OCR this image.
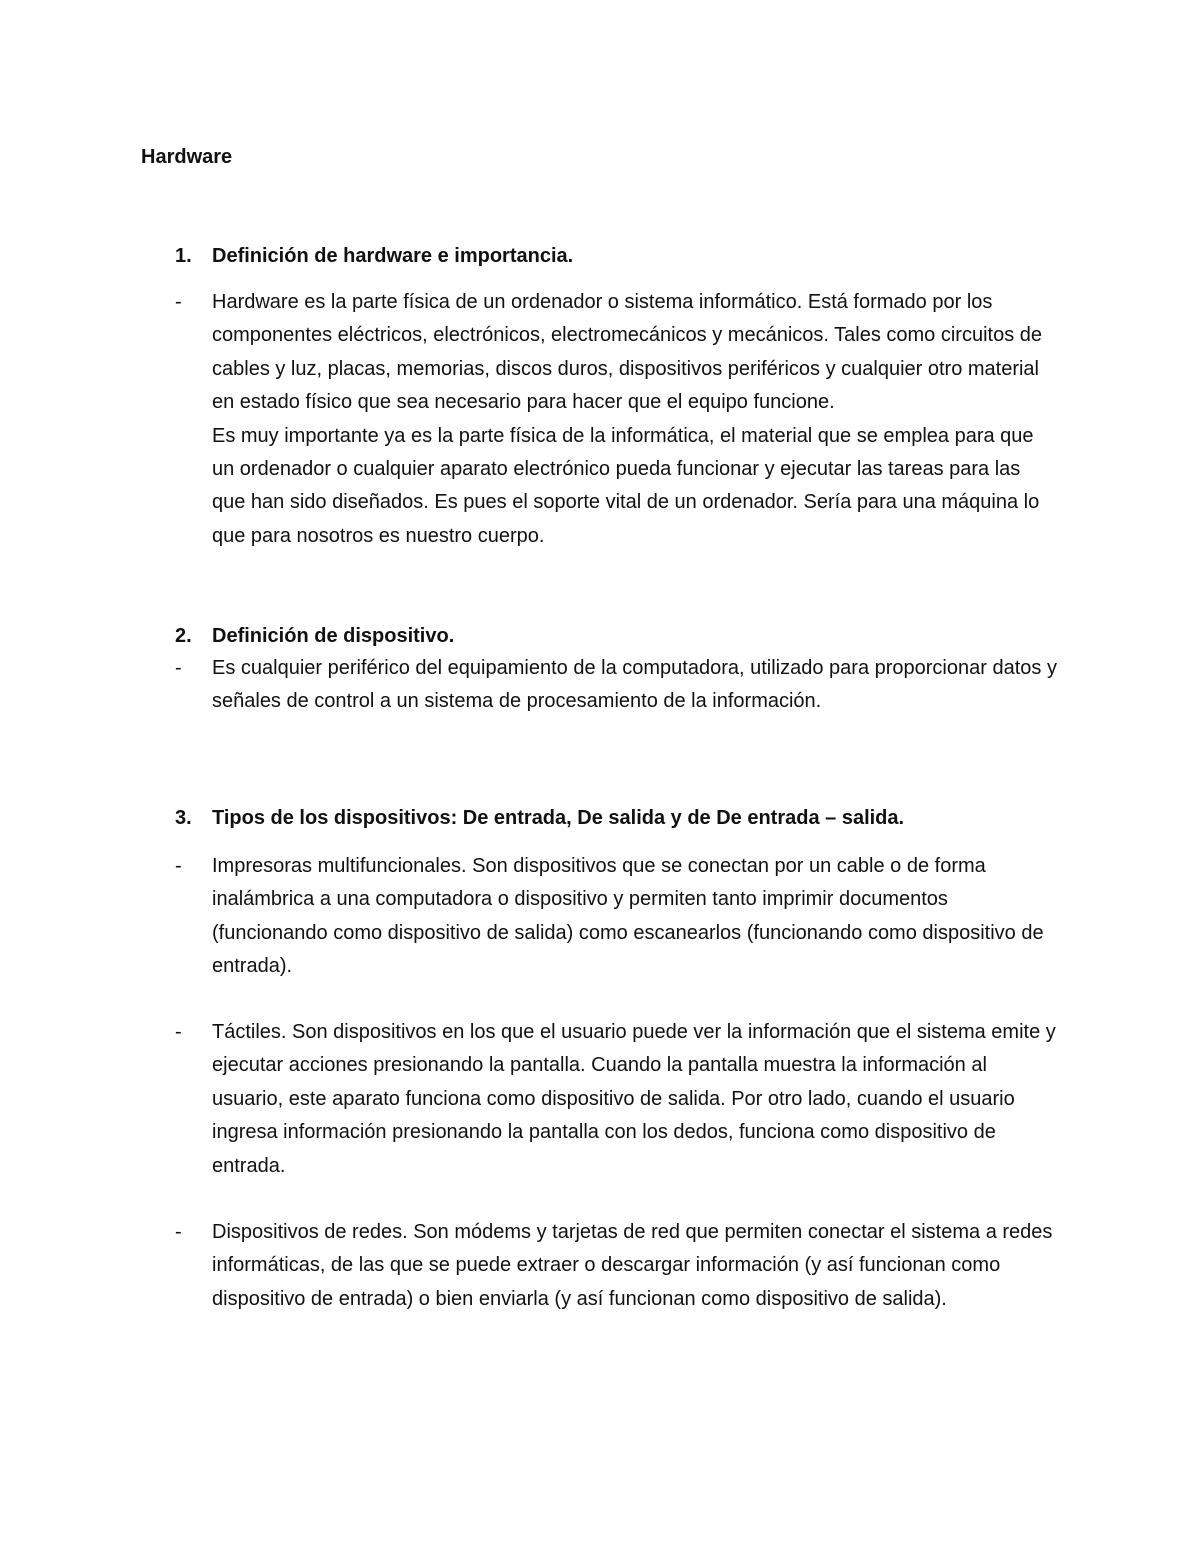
Hardware
1. Definición de hardware e importancia.
- Hardware es la parte física de un ordenador o sistema informático. Está formado por los componentes eléctricos, electrónicos, electromecánicos y mecánicos. Tales como circuitos de cables y luz, placas, memorias, discos duros, dispositivos periféricos y cualquier otro material en estado físico que sea necesario para hacer que el equipo funcione.

Es muy importante ya es la parte física de la informática, el material que se emplea para que un ordenador o cualquier aparato electrónico pueda funcionar y ejecutar las tareas para las que han sido diseñados. Es pues el soporte vital de un ordenador. Sería para una máquina lo que para nosotros es nuestro cuerpo.

2. Definición de dispositivo.
- Es cualquier periférico del equipamiento de la computadora, utilizado para proporcionar datos y señales de control a un sistema de procesamiento de la información.

3. Tipos de los dispositivos: De entrada, De salida y de De entrada – salida.
- Impresoras multifuncionales. Son dispositivos que se conectan por un cable o de forma inalámbrica a una computadora o dispositivo y permiten tanto imprimir documentos (funcionando como dispositivo de salida) como escanearlos (funcionando como dispositivo de entrada).

- Táctiles. Son dispositivos en los que el usuario puede ver la información que el sistema emite y ejecutar acciones presionando la pantalla. Cuando la pantalla muestra la información al usuario, este aparato funciona como dispositivo de salida. Por otro lado, cuando el usuario ingresa información presionando la pantalla con los dedos, funciona como dispositivo de entrada.

- Dispositivos de redes. Son módems y tarjetas de red que permiten conectar el sistema a redes informáticas, de las que se puede extraer o descargar información (y así funcionan como dispositivo de entrada) o bien enviarla (y así funcionan como dispositivo de salida).
